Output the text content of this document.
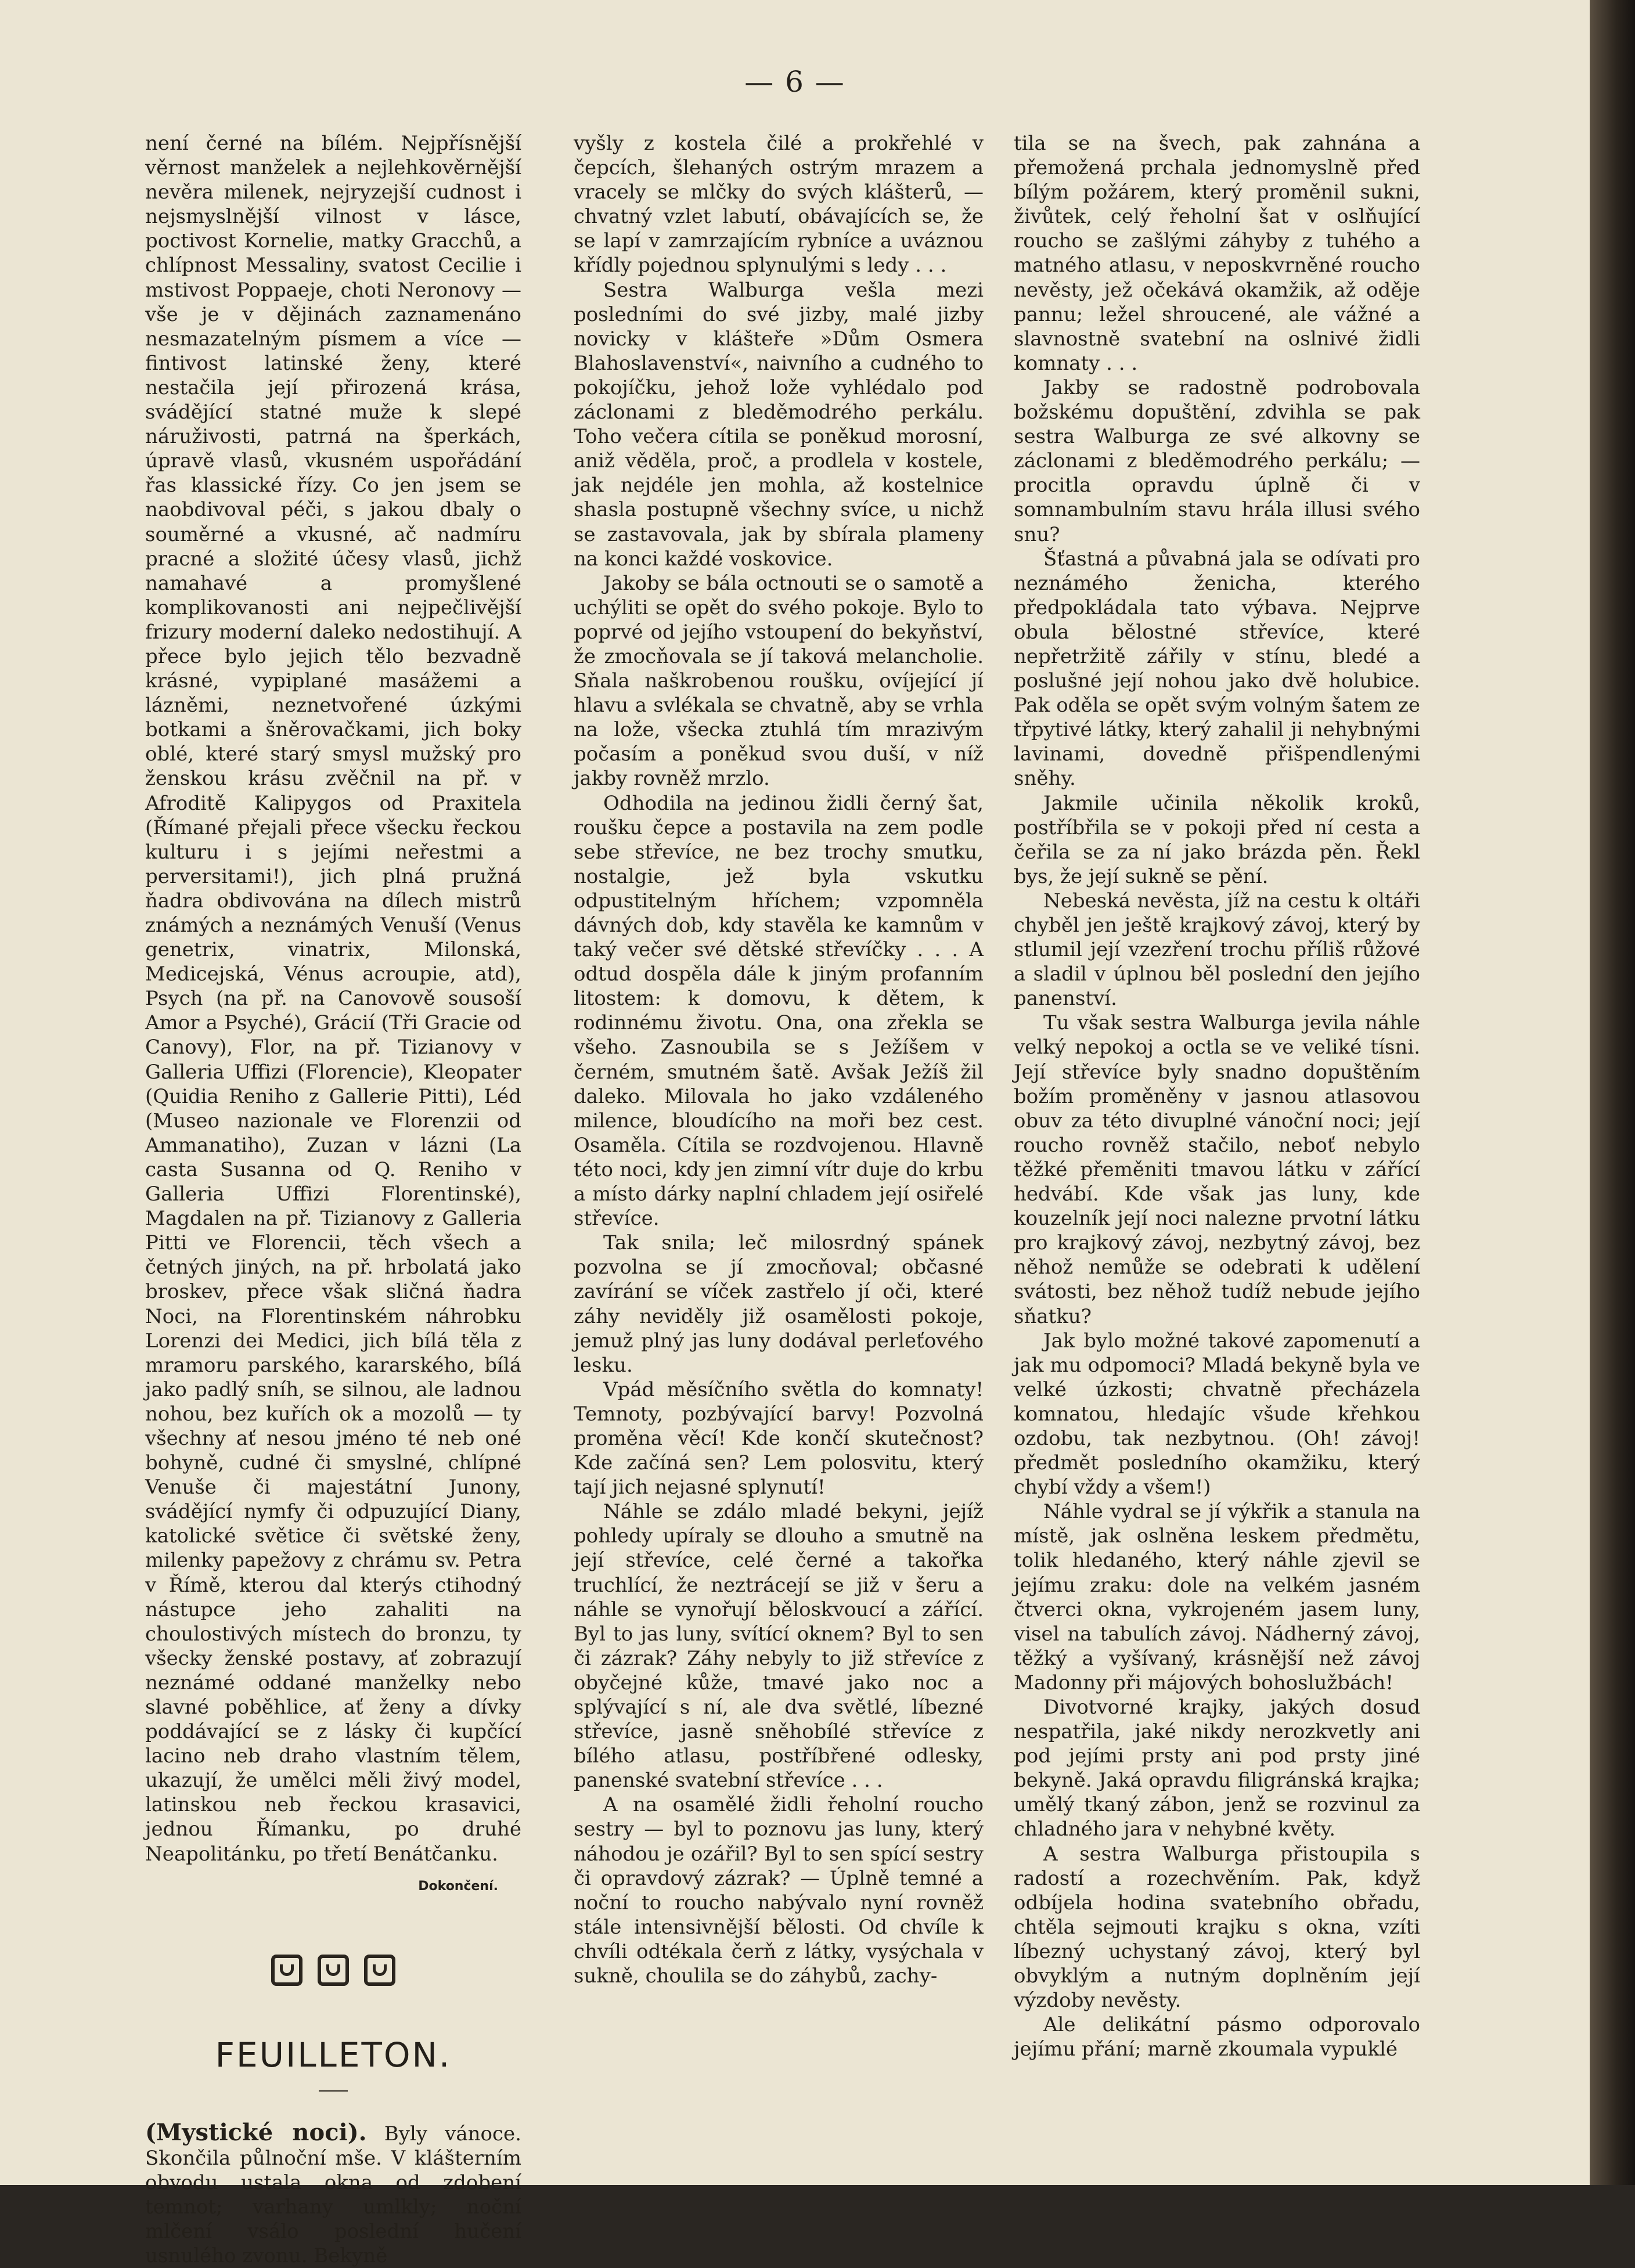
— 6 —

není černé na bílém. Nejpřísnější věrnost manželek a nejlehkověrnější nevěra milenek, nejryzejší cudnost i nejsmyslnější vilnost v lásce, poctivost Kornelie, matky Gracchů, a chlípnost Messaliny, svatost Cecilie i mstivost Poppaeje, choti Neronovy — vše je v dějinách zaznamenáno nesmazatelným písmem a více — fintivost latinské ženy, které nestačila její přirozená krása, svádějící statné muže k slepé náruživosti, patrná na šperkách, úpravě vlasů, vkusném uspořádání řas klassické řízy. Co jen jsem se naobdivoval péči, s jakou dbaly o souměrné a vkusné, ač nadmíru pracné a složité účesy vlasů, jichž namahavé a promyšlené komplikovanosti ani nejpečlivější frizury moderní daleko nedostihují. A přece bylo jejich tělo bezvadně krásné, vypiplané masážemi a lázněmi, neznetvořené úzkými botkami a šněrovačkami, jich boky oblé, které starý smysl mužský pro ženskou krásu zvěčnil na př. v Afroditě Kalipygos od Praxitela (Římané přejali přece všecku řeckou kulturu i s jejími neřestmi a perversitami!), jich plná pružná ňadra obdivována na dílech mistrů známých a neznámých Venuší (Venus genetrix, vinatrix, Milonská, Medicejská, Vénus acroupie, atd), Psych (na př. na Canovově sousoší Amor a Psyché), Grácií (Tři Gracie od Canovy), Flor, na př. Tizianovy v Galleria Uffizi (Florencie), Kleopater (Quidia Reniho z Gallerie Pitti), Léd (Museo nazionale ve Florenzii od Ammanatiho), Zuzan v lázni (La casta Susanna od Q. Reniho v Galleria Uffizi Florentinské), Magdalen na př. Tizianovy z Galleria Pitti ve Florencii, těch všech a četných jiných, na př. hrbolatá jako broskev, přece však sličná ňadra Noci, na Florentinském náhrobku Lorenzi dei Medici, jich bílá těla z mramoru parského, kararského, bílá jako padlý sníh, se silnou, ale ladnou nohou, bez kuřích ok a mozolů — ty všechny ať nesou jméno té neb oné bohyně, cudné či smyslné, chlípné Venuše či majestátní Junony, svádějící nymfy či odpuzující Diany, katolické světice či světské ženy, milenky papežovy z chrámu sv. Petra v Římě, kterou dal kterýs ctihodný nástupce jeho zahaliti na choulostivých místech do bronzu, ty všecky ženské postavy, ať zobrazují neznámé oddané manželky nebo slavné poběhlice, ať ženy a dívky poddávající se z lásky či kupčící lacino neb draho vlastním tělem, ukazují, že umělci měli živý model, latinskou neb řeckou krasavici, jednou Římanku, po druhé Neapolitánku, po třetí Benátčanku.

Dokončení.
FEUILLETON.

(Mystické noci). Byly vánoce. Skončila půlnoční mše. V klášterním obvodu ustala okna od zdobení temnot; varhany umlkly; noční mlčení vsálo poslední hučení usnulého zvonu. Bekyně

vyšly z kostela čilé a prokřehlé v čepcích, šlehaných ostrým mrazem a vracely se mlčky do svých klášterů, — chvatný vzlet labutí, obávajících se, že se lapí v zamrzajícím rybníce a uváznou křídly pojednou splynulými s ledy . . .

Sestra Walburga vešla mezi posledními do své jizby, malé jizby novicky v klášteře »Dům Osmera Blahoslavenství«, naivního a cudného to pokojíčku, jehož lože vyhlédalo pod záclonami z bleděmodrého perkálu. Toho večera cítila se poněkud morosní, aniž věděla, proč, a prodlela v kostele, jak nejdéle jen mohla, až kostelnice shasla postupně všechny svíce, u nichž se zastavovala, jak by sbírala plameny na konci každé voskovice.

Jakoby se bála octnouti se o samotě a uchýliti se opět do svého pokoje. Bylo to poprvé od jejího vstoupení do bekyňství, že zmocňovala se jí taková melancholie. Sňala naškrobenou roušku, ovíjející jí hlavu a svlékala se chvatně, aby se vrhla na lože, všecka ztuhlá tím mrazivým počasím a poněkud svou duší, v níž jakby rovněž mrzlo.

Odhodila na jedinou židli černý šat, roušku čepce a postavila na zem podle sebe střevíce, ne bez trochy smutku, nostalgie, jež byla vskutku odpustitelným hříchem; vzpomněla dávných dob, kdy stavěla ke kamnům v taký večer své dětské střevíčky . . . A odtud dospěla dále k jiným profanním litostem: k domovu, k dětem, k rodinnému životu. Ona, ona zřekla se všeho. Zasnoubila se s Ježíšem v černém, smutném šatě. Avšak Ježíš žil daleko. Milovala ho jako vzdáleného milence, bloudícího na moři bez cest. Osaměla. Cítila se rozdvojenou. Hlavně této noci, kdy jen zimní vítr duje do krbu a místo dárky naplní chladem její osiřelé střevíce.

Tak snila; leč milosrdný spánek pozvolna se jí zmocňoval; občasné zavírání se víček zastřelo jí oči, které záhy neviděly již osamělosti pokoje, jemuž plný jas luny dodával perleťového lesku.

Vpád měsíčního světla do komnaty! Temnoty, pozbývající barvy! Pozvolná proměna věcí! Kde končí skutečnost? Kde začíná sen? Lem polosvitu, který tají jich nejasné splynutí!

Náhle se zdálo mladé bekyni, jejíž pohledy upíraly se dlouho a smutně na její střevíce, celé černé a takořka truchlící, že neztrácejí se již v šeru a náhle se vynořují běloskvoucí a zářící. Byl to jas luny, svítící oknem? Byl to sen či zázrak? Záhy nebyly to již střevíce z obyčejné kůže, tmavé jako noc a splývající s ní, ale dva světlé, líbezné střevíce, jasně sněhobílé střevíce z bílého atlasu, postříbřené odlesky, panenské svatební střevíce . . .

A na osamělé židli řeholní roucho sestry — byl to poznovu jas luny, který náhodou je ozářil? Byl to sen spící sestry či opravdový zázrak? — Úplně temné a noční to roucho nabývalo nyní rovněž stále intensivnější bělosti. Od chvíle k chvíli odtékala čerň z látky, vysýchala v sukně, choulila se do záhybů, zachy-

tila se na švech, pak zahnána a přemožená prchala jednomyslně před bílým požárem, který proměnil sukni, živůtek, celý řeholní šat v oslňující roucho se zašlými záhyby z tuhého a matného atlasu, v neposkvrněné roucho nevěsty, jež očekává okamžik, až oděje pannu; ležel shroucené, ale vážné a slavnostně svatební na oslnivé židli komnaty . . .

Jakby se radostně podrobovala božskému dopuštění, zdvihla se pak sestra Walburga ze své alkovny se záclonami z bleděmodrého perkálu; — procitla opravdu úplně či v somnambulním stavu hrála illusi svého snu?

Šťastná a půvabná jala se odívati pro neznámého ženicha, kterého předpokládala tato výbava. Nejprve obula bělostné střevíce, které nepřetržitě zářily v stínu, bledé a poslušné její nohou jako dvě holubice. Pak oděla se opět svým volným šatem ze třpytivé látky, který zahalil ji nehybnými lavinami, dovedně přišpendlenými sněhy.

Jakmile učinila několik kroků, postříbřila se v pokoji před ní cesta a čeřila se za ní jako brázda pěn. Řekl bys, že její sukně se pění.

Nebeská nevěsta, jíž na cestu k oltáři chyběl jen ještě krajkový závoj, který by stlumil její vzezření trochu příliš růžové a sladil v úplnou běl poslední den jejího panenství.

Tu však sestra Walburga jevila náhle velký nepokoj a octla se ve veliké tísni. Její střevíce byly snadno dopuštěním božím proměněny v jasnou atlasovou obuv za této divuplné vánoční noci; její roucho rovněž stačilo, neboť nebylo těžké přeměniti tmavou látku v zářící hedvábí. Kde však jas luny, kde kouzelník její noci nalezne prvotní látku pro krajkový závoj, nezbytný závoj, bez něhož nemůže se odebrati k udělení svátosti, bez něhož tudíž nebude jejího sňatku?

Jak bylo možné takové zapomenutí a jak mu odpomoci? Mladá bekyně byla ve velké úzkosti; chvatně přecházela komnatou, hledajíc všude křehkou ozdobu, tak nezbytnou. (Oh! závoj! předmět posledního okamžiku, který chybí vždy a všem!)

Náhle vydral se jí výkřik a stanula na místě, jak oslněna leskem předmětu, tolik hledaného, který náhle zjevil se jejímu zraku: dole na velkém jasném čtverci okna, vykrojeném jasem luny, visel na tabulích závoj. Nádherný závoj, těžký a vyšívaný, krásnější než závoj Madonny při májových bohoslužbách!

Divotvorné krajky, jakých dosud nespatřila, jaké nikdy nerozkvetly ani pod jejími prsty ani pod prsty jiné bekyně. Jaká opravdu filigránská krajka; umělý tkaný zábon, jenž se rozvinul za chladného jara v nehybné květy.

A sestra Walburga přistoupila s radostí a rozechvěním. Pak, když odbíjela hodina svatebního obřadu, chtěla sejmouti krajku s okna, vzíti líbezný uchystaný závoj, který byl obvyklým a nutným doplněním její výzdoby nevěsty.

Ale delikátní pásmo odporovalo jejímu přání; marně zkoumala vypuklé
